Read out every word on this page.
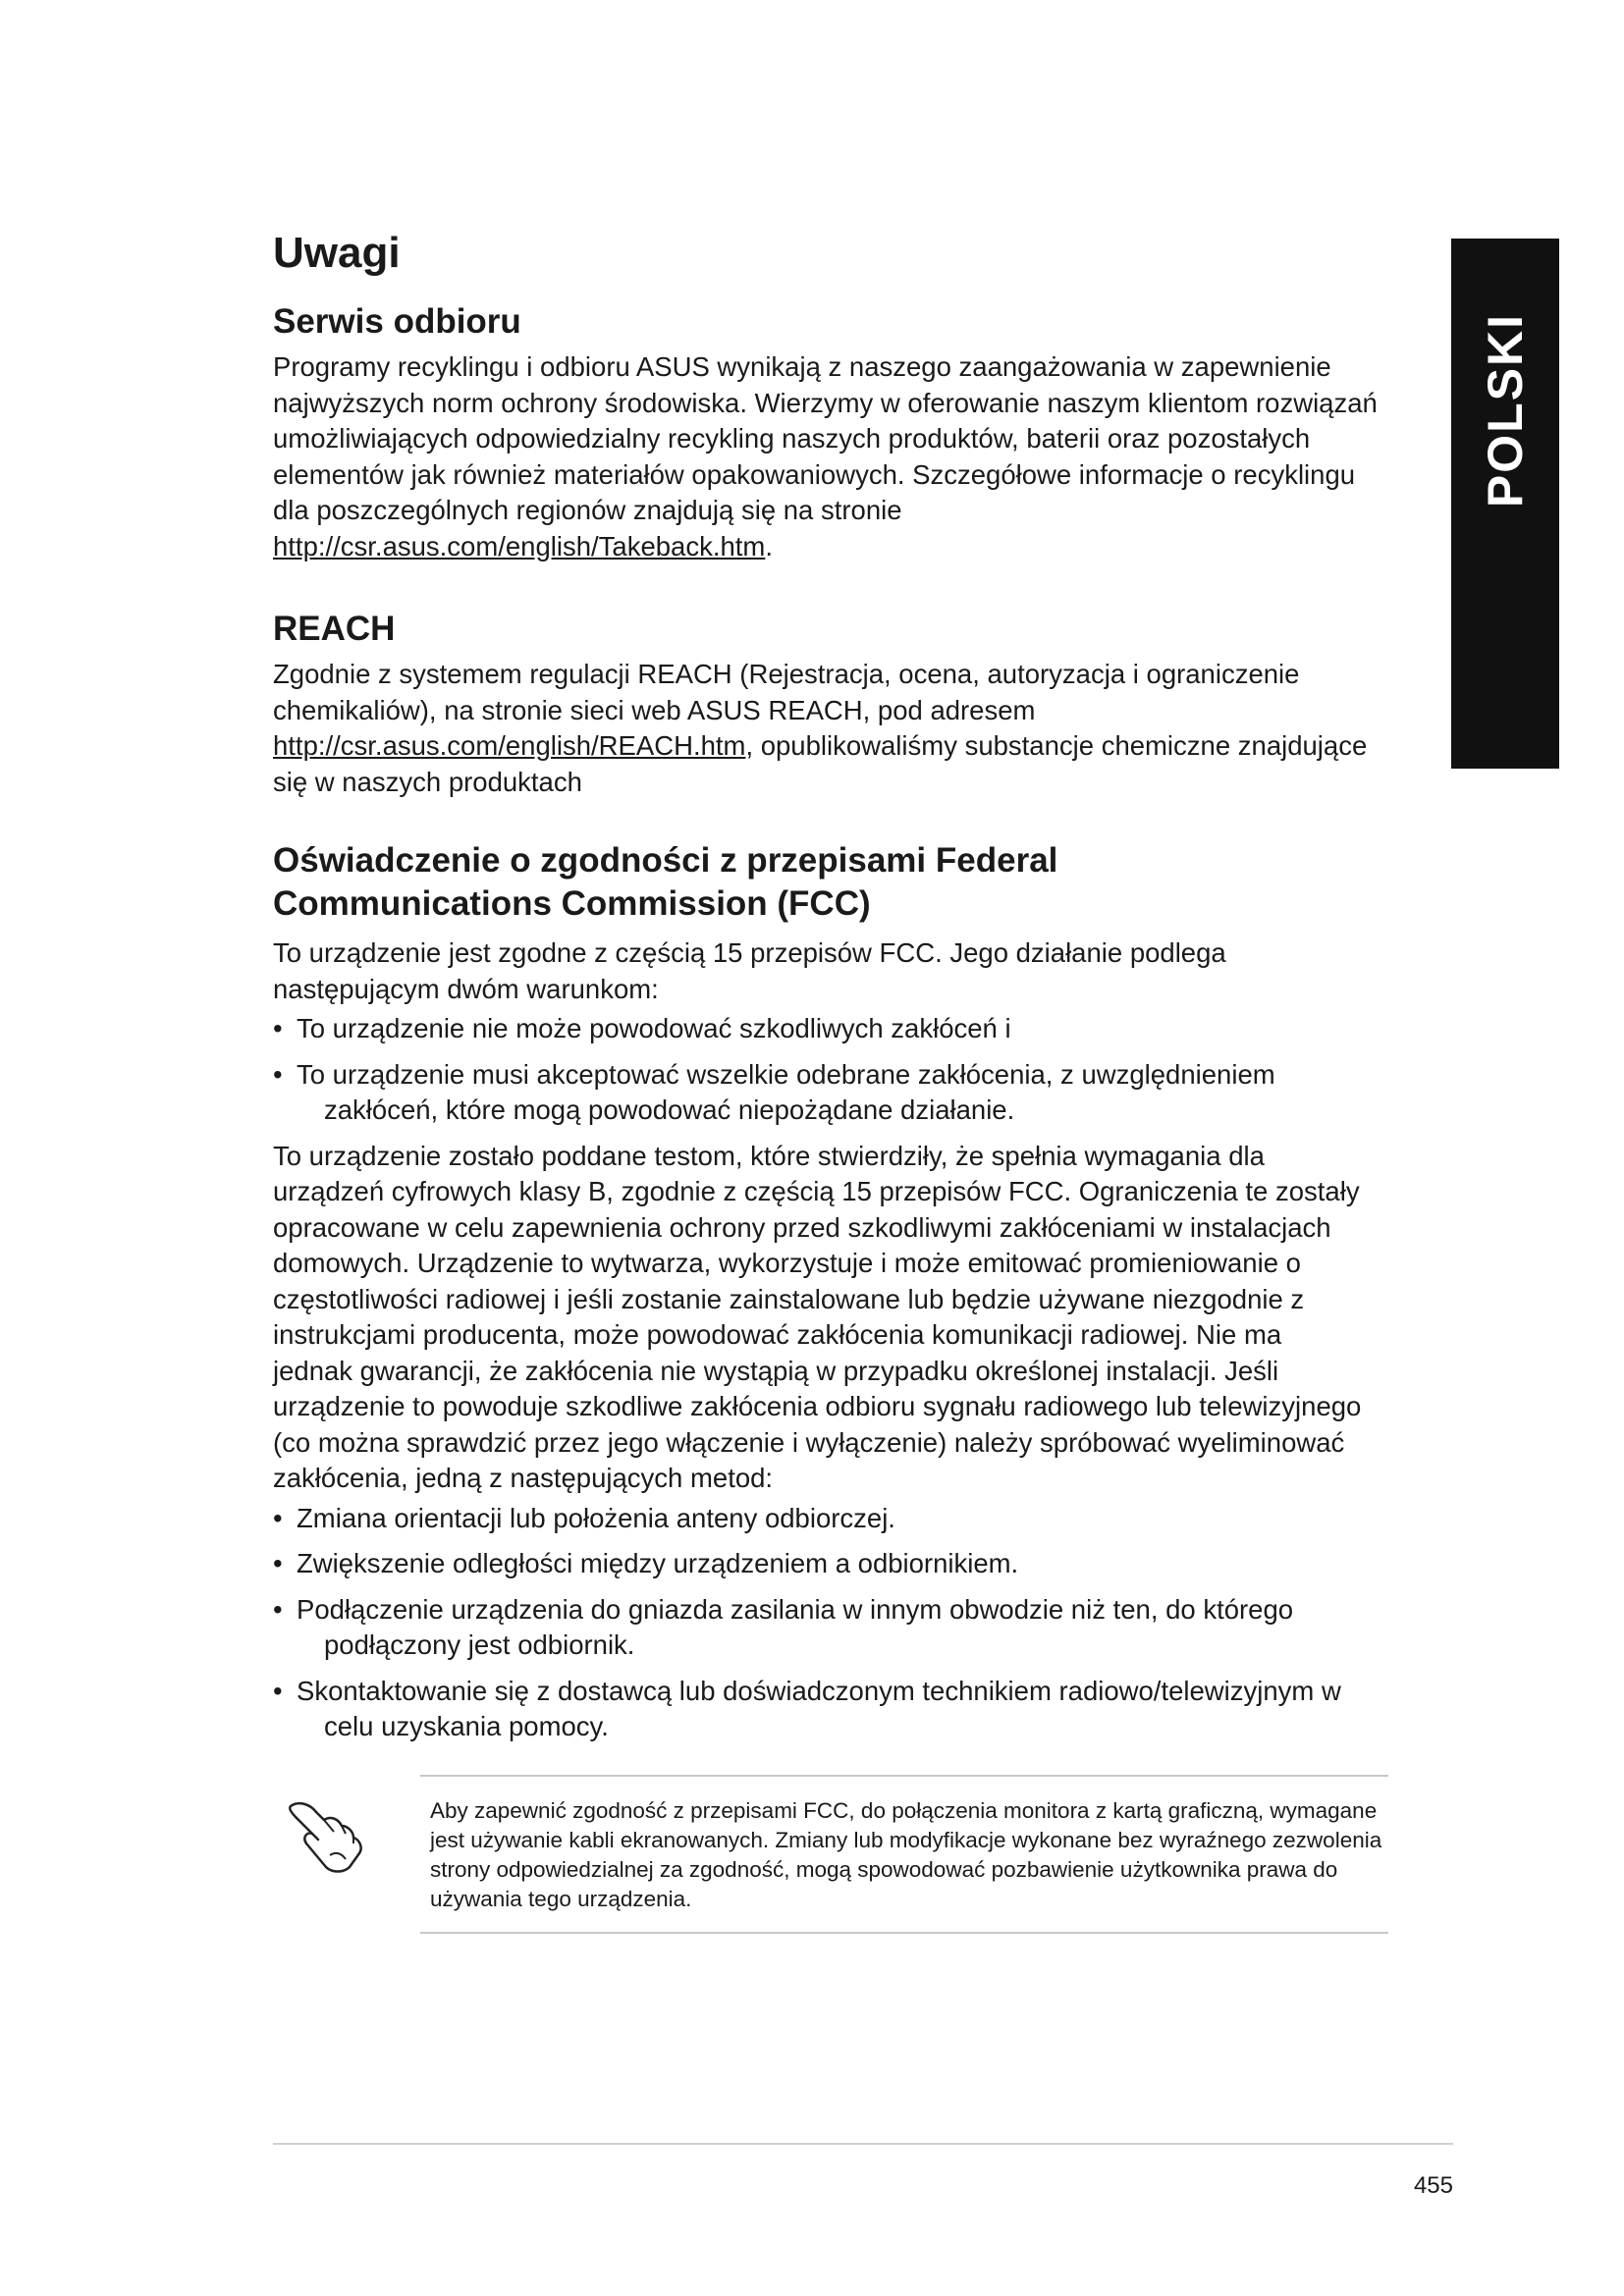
POLSKI
Uwagi
Serwis odbioru

Programy recyklingu i odbioru ASUS wynikają z naszego zaangażowania w zapewnienie najwyższych norm ochrony środowiska. Wierzymy w oferowanie naszym klientom rozwiązań umożliwiających odpowiedzialny recykling naszych produktów, baterii oraz pozostałych elementów jak również materiałów opakowaniowych. Szczegółowe informacje o recyklingu dla poszczególnych regionów znajdują się na stronie http://csr.asus.com/english/Takeback.htm.

REACH

Zgodnie z systemem regulacji REACH (Rejestracja, ocena, autoryzacja i ograniczenie chemikaliów), na stronie sieci web ASUS REACH, pod adresem http://csr.asus.com/english/REACH.htm, opublikowaliśmy substancje chemiczne znajdujące się w naszych produktach

Oświadczenie o zgodności z przepisami Federal Communications Commission (FCC)

To urządzenie jest zgodne z częścią 15 przepisów FCC. Jego działanie podlega następującym dwóm warunkom:

• To urządzenie nie może powodować szkodliwych zakłóceń i
• To urządzenie musi akceptować wszelkie odebrane zakłócenia, z uwzględnieniem
zakłóceń, które mogą powodować niepożądane działanie.

To urządzenie zostało poddane testom, które stwierdziły, że spełnia wymagania dla urządzeń cyfrowych klasy B, zgodnie z częścią 15 przepisów FCC. Ograniczenia te zostały opracowane w celu zapewnienia ochrony przed szkodliwymi zakłóceniami w instalacjach domowych. Urządzenie to wytwarza, wykorzystuje i może emitować promieniowanie o częstotliwości radiowej i jeśli zostanie zainstalowane lub będzie używane niezgodnie z instrukcjami producenta, może powodować zakłócenia komunikacji radiowej. Nie ma jednak gwarancji, że zakłócenia nie wystąpią w przypadku określonej instalacji. Jeśli urządzenie to powoduje szkodliwe zakłócenia odbioru sygnału radiowego lub telewizyjnego (co można sprawdzić przez jego włączenie i wyłączenie) należy spróbować wyeliminować zakłócenia, jedną z następujących metod:

• Zmiana orientacji lub położenia anteny odbiorczej.
• Zwiększenie odległości między urządzeniem a odbiornikiem.
• Podłączenie urządzenia do gniazda zasilania w innym obwodzie niż ten, do którego
podłączony jest odbiornik.
• Skontaktowanie się z dostawcą lub doświadczonym technikiem radiowo/telewizyjnym w
celu uzyskania pomocy.

Aby zapewnić zgodność z przepisami FCC, do połączenia monitora z kartą graficzną, wymagane jest używanie kabli ekranowanych. Zmiany lub modyfikacje wykonane bez wyraźnego zezwolenia strony odpowiedzialnej za zgodność, mogą spowodować pozbawienie użytkownika prawa do używania tego urządzenia.

455
